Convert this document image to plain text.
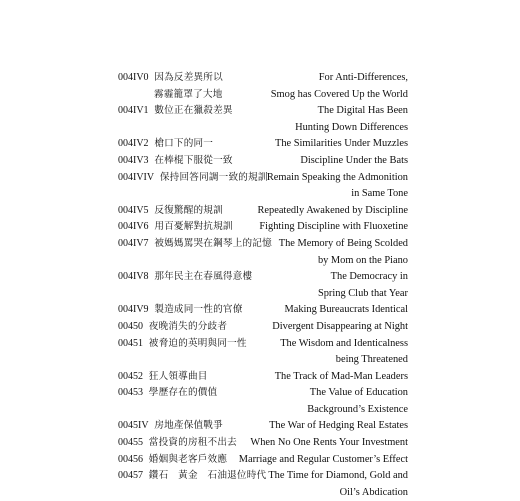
004IV0 因為反差異所以	For Anti-Differences,
霧霾籠罩了大地	Smog has Covered Up the World
004IV1 數位正在獵殺差異	The Digital Has Been
Hunting Down Differences
004IV2 槍口下的同一	The Similarities Under Muzzles
004IV3 在棒棍下服從一致	Discipline Under the Bats
004IVIV 保持回答同調一致的規訓 Remain Speaking the Admonition
in Same Tone
004IV5 反復驚醒的規訓	Repeatedly Awakened by Discipline
004IV6 用百憂解對抗規訓	Fighting Discipline with Fluoxetine
004IV7 被媽媽罵哭在鋼琴上的記憶 The Memory of Being Scolded
by Mom on the Piano
004IV8 那年民主在春風得意樓	The Democracy in
Spring Club that Year
004IV9 製造成同一性的官僚	Making Bureaucrats Identical
00450 夜晚消失的分歧者	Divergent Disappearing at Night
00451 被脅迫的英明與同一性	The Wisdom and Identicalness
being Threatened
00452 狂人領導曲目	The Track of Mad-Man Leaders
00453 學歷存在的價值	The Value of Education
Background’s Existence
0045IV 房地產保值戰爭	The War of Hedging Real Estates
00455 當投資的房租不出去 When No One Rents Your Investment
00456 婚姻與老客戶效應 Marriage and Regular Customer’s Effect
00457 鑽石　黃金　石油退位時代 The Time for Diamond, Gold and
Oil’s Abdication
